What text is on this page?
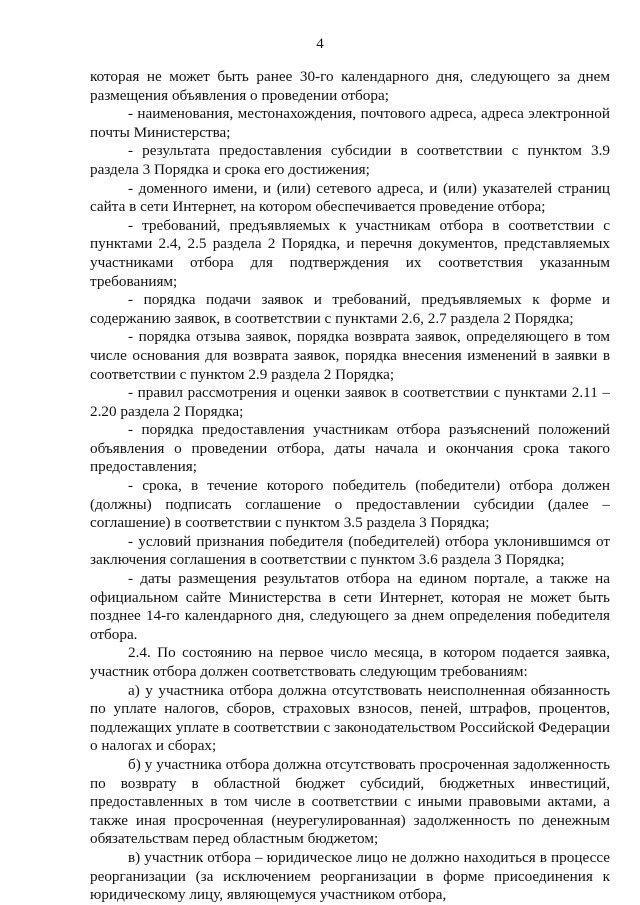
4

которая не может быть ранее 30-го календарного дня, следующего за днем размещения объявления о проведении отбора;

- наименования, местонахождения, почтового адреса, адреса электронной почты Министерства;

- результата предоставления субсидии в соответствии с пунктом 3.9 раздела 3 Порядка и срока его достижения;

- доменного имени, и (или) сетевого адреса, и (или) указателей страниц сайта в сети Интернет, на котором обеспечивается проведение отбора;

- требований, предъявляемых к участникам отбора в соответствии с пунктами 2.4, 2.5 раздела 2 Порядка, и перечня документов, представляемых участниками отбора для подтверждения их соответствия указанным требованиям;

- порядка подачи заявок и требований, предъявляемых к форме и содержанию заявок, в соответствии с пунктами 2.6, 2.7 раздела 2 Порядка;

- порядка отзыва заявок, порядка возврата заявок, определяющего в том числе основания для возврата заявок, порядка внесения изменений в заявки в соответствии с пунктом 2.9 раздела 2 Порядка;

- правил рассмотрения и оценки заявок в соответствии с пунктами 2.11 – 2.20 раздела 2 Порядка;

- порядка предоставления участникам отбора разъяснений положений объявления о проведении отбора, даты начала и окончания срока такого предоставления;

- срока, в течение которого победитель (победители) отбора должен (должны) подписать соглашение о предоставлении субсидии (далее – соглашение) в соответствии с пунктом 3.5 раздела 3 Порядка;

- условий признания победителя (победителей) отбора уклонившимся от заключения соглашения в соответствии с пунктом 3.6 раздела 3 Порядка;

- даты размещения результатов отбора на едином портале, а также на официальном сайте Министерства в сети Интернет, которая не может быть позднее 14-го календарного дня, следующего за днем определения победителя отбора.

2.4. По состоянию на первое число месяца, в котором подается заявка, участник отбора должен соответствовать следующим требованиям:

а) у участника отбора должна отсутствовать неисполненная обязанность по уплате налогов, сборов, страховых взносов, пеней, штрафов, процентов, подлежащих уплате в соответствии с законодательством Российской Федерации о налогах и сборах;

б) у участника отбора должна отсутствовать просроченная задолженность по возврату в областной бюджет субсидий, бюджетных инвестиций, предоставленных в том числе в соответствии с иными правовыми актами, а также иная просроченная (неурегулированная) задолженность по денежным обязательствам перед областным бюджетом;

в) участник отбора – юридическое лицо не должно находиться в процессе реорганизации (за исключением реорганизации в форме присоединения к юридическому лицу, являющемуся участником отбора,
